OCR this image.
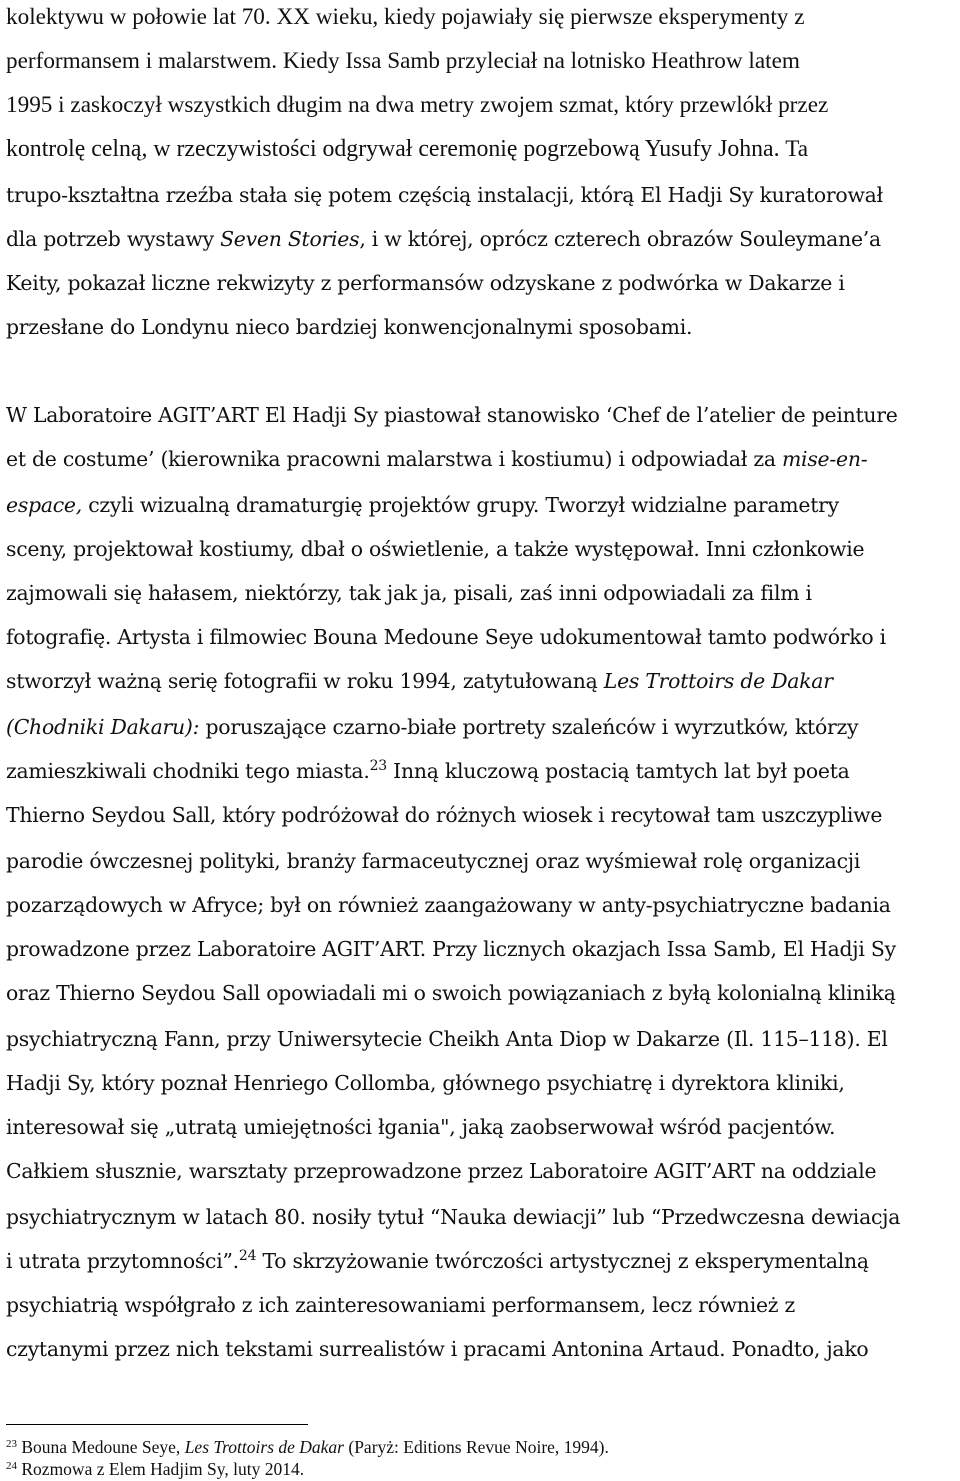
kolektywu w połowie lat 70. XX wieku, kiedy pojawiały się pierwsze eksperymenty z
performansem i malarstwem. Kiedy Issa Samb przyleciał na lotnisko Heathrow latem
1995 i zaskoczył wszystkich długim na dwa metry zwojem szmat, który przewlókł przez
kontrolę celną, w rzeczywistości odgrywał ceremonię pogrzebową Yusufy Johna. Ta
trupo-kształtna rzeźba stała się potem częścią instalacji, którą El Hadji Sy kuratorował
dla potrzeb wystawy Seven Stories, i w której, oprócz czterech obrazów Souleymane’a
Keity, pokazał liczne rekwizyty z performansów odzyskane z podwórka w Dakarze i
przesłane do Londynu nieco bardziej konwencjonalnymi sposobami.
W Laboratoire AGIT’ART El Hadji Sy piastował stanowisko ‘Chef de l’atelier de peinture
et de costume’ (kierownika pracowni malarstwa i kostiumu) i odpowiadał za mise-en-
espace, czyli wizualną dramaturgię projektów grupy. Tworzył widzialne parametry
sceny, projektował kostiumy, dbał o oświetlenie, a także występował. Inni członkowie
zajmowali się hałasem, niektórzy, tak jak ja, pisali, zaś inni odpowiadali za film i
fotografię. Artysta i filmowiec Bouna Medoune Seye udokumentował tamto podwórko i
stworzył ważną serię fotografii w roku 1994, zatytułowaną Les Trottoirs de Dakar
(Chodniki Dakaru): poruszające czarno-białe portrety szaleńców i wyrzutków, którzy
zamieszkiwali chodniki tego miasta.$^{23}$ Inną kluczową postacią tamtych lat był poeta
Thierno Seydou Sall, który podróżował do różnych wiosek i recytował tam uszczypliwe
parodie ówczesnej polityki, branży farmaceutycznej oraz wyśmiewał rolę organizacji
pozarządowych w Afryce; był on również zaangażowany w anty-psychiatryczne badania
prowadzone przez Laboratoire AGIT’ART. Przy licznych okazjach Issa Samb, El Hadji Sy
oraz Thierno Seydou Sall opowiadali mi o swoich powiązaniach z byłą kolonialną kliniką
psychiatryczną Fann, przy Uniwersytecie Cheikh Anta Diop w Dakarze (Il. 115–118). El
Hadji Sy, który poznał Henriego Collomba, głównego psychiatrę i dyrektora kliniki,
interesował się „utratą umiejętności łgania", jaką zaobserwował wśród pacjentów.
Całkiem słusznie, warsztaty przeprowadzone przez Laboratoire AGIT’ART na oddziale
psychiatrycznym w latach 80. nosiły tytuł “Nauka dewiacji” lub “Przedwczesna dewiacja
i utrata przytomności”.$^{24}$ To skrzyżowanie twórczości artystycznej z eksperymentalną
psychiatrią współgrało z ich zainteresowaniami performansem, lecz również z
czytanymi przez nich tekstami surrealistów i pracami Antonina Artaud. Ponadto, jako
$^{23}$ Bouna Medoune Seye, Les Trottoirs de Dakar (Paryż: Editions Revue Noire, 1994).
$^{24}$ Rozmowa z Elem Hadjim Sy, luty 2014.
